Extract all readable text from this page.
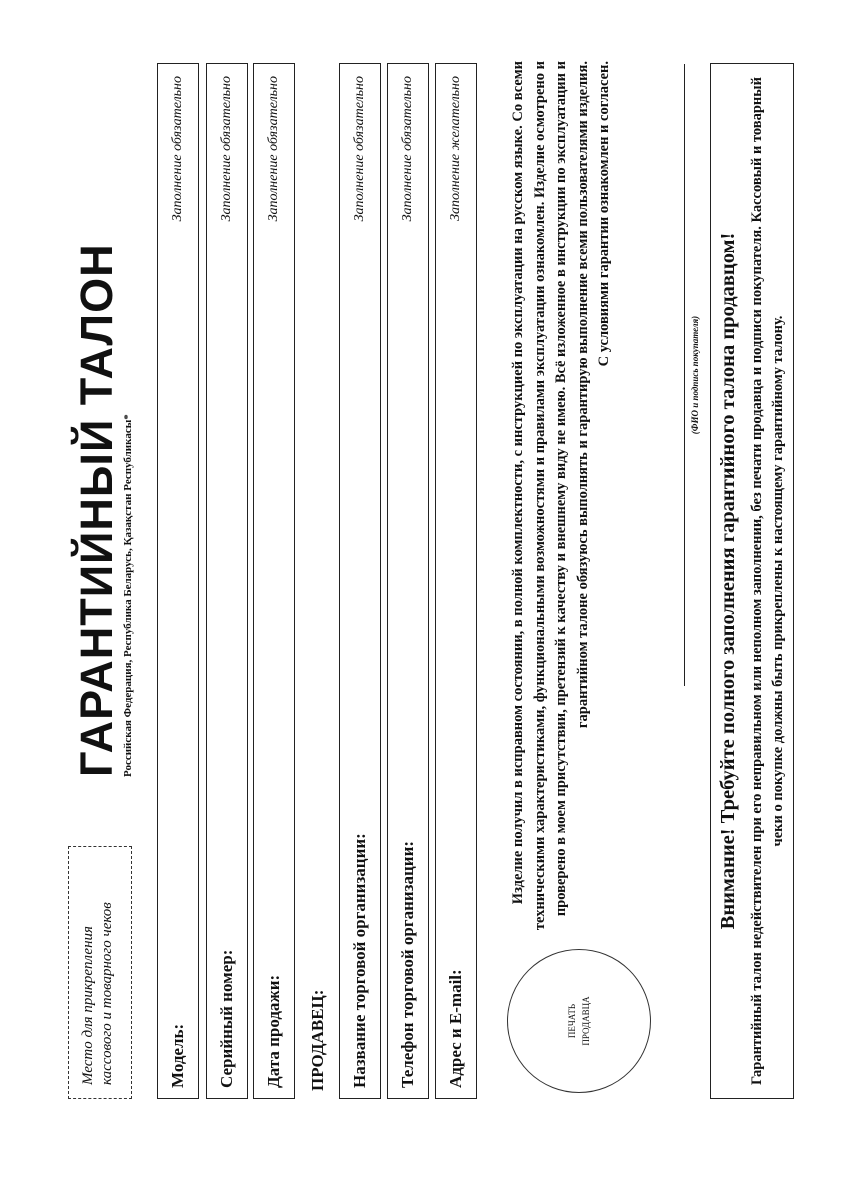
Место для прикрепления кассового и товарного чеков
ГАРАНТИЙНЫЙ ТАЛОН Российская Федерация, Республика Беларусь, Қазақстан Республикасы*
Модель:
Заполнение обязательно
Серийный номер:
Заполнение обязательно
Дата продажи:
Заполнение обязательно
ПРОДАВЕЦ:	Название торговой организации:
Заполнение обязательно
Телефон торговой организации:
Заполнение обязательно
Адрес и E-mail:
Заполнение желательно
ПЕЧАТЬ ПРОДАВЦА
Изделие получил в исправном состоянии, в полной комплектности, с инструкцией по эксплуатации на русском языке. Со всеми техническими характеристиками, функциональными возможностями и правилами эксплуатации ознакомлен. Изделие осмотрено и проверено в моем присутствии, претензий к качеству и внешнему виду не имею. Всё изложенное в инструкции по эксплуатации и гарантийном талоне обязуюсь выполнять и гарантирую выполнение всеми пользователями изделия. С условиями гарантии ознакомлен и согласен.
(ФИО и подпись покупателя) Внимание! Требуйте полного заполнения гарантийного талона продавцом! Гарантийный талон недействителен при его неправильном или неполном заполнении, без печати продавца и подписи покупателя. Кассовый и товарный чеки о покупке должны быть прикреплены к настоящему гарантийному талону.
